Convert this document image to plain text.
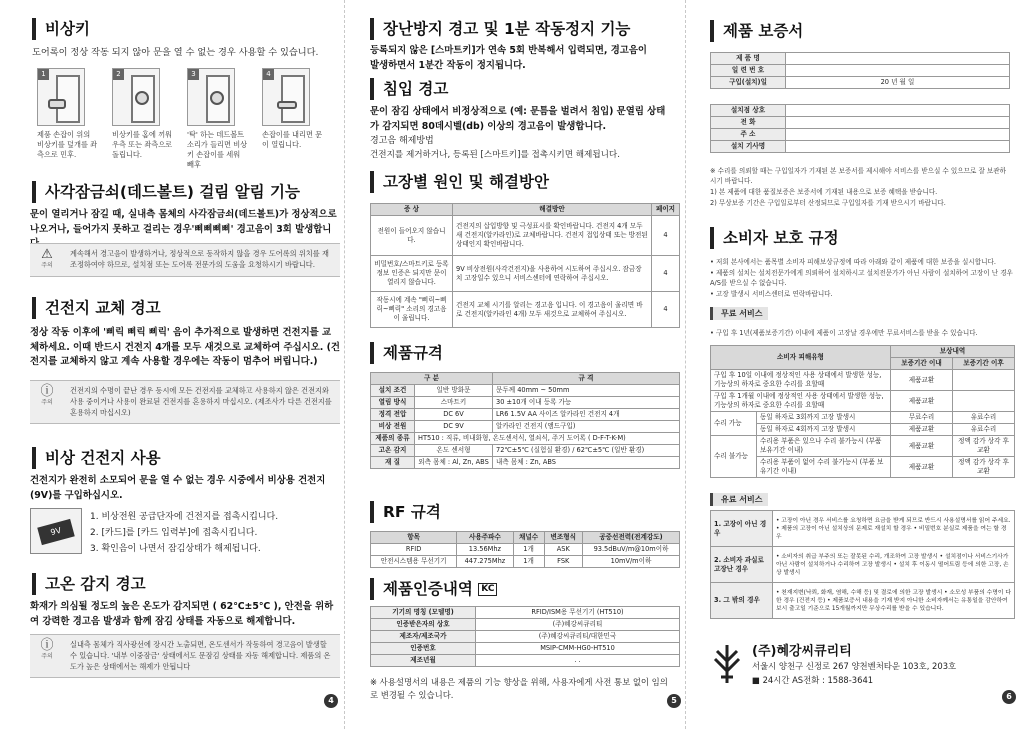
비상키
도어록이 정상 작동 되지 않아 문을 열 수 없는 경우 사용할 수 있습니다.
1	2	3	4
제품 손잡이 위의 비상키를 덮개를 좌측으로 민후.
비상키를 홈에 끼워 우측 또는 좌측으로 돌립니다.
'탁' 하는 데드볼트 소리가 들리면 비상키 손잡이를 세워 빼후
손잡이를 내리면 문이 열립니다.
사각잠금쇠(데드볼트) 걸림 알림 기능
문이 열리거나 잠길 때, 실내측 몸체의 사각잠금쇠(데드볼트)가 정상적으로 나오거나, 들어가지 못하고 걸리는 경우'삐삐삐삐' 경고음이 3회 발생합니
⚠
주의
계속해서 경고음이 발생하거나, 정상적으로 동작하지 않을 경우 도어록의 위치를 재조정하여야 하므로, 설치점 또는 도어록 전문가의 도움을 요청하시기 바랍니다.
건전지 교체 경고
정상 작동 이후에 '삐릭 삐릭 삐릭' 음이 추가적으로 발생하면 건전지를 교체하세요. 이때 반드시 건전지 4개를 모두 새것으로 교체하여 주십시오. (건전지를 교체하지 않고 계속 사용할 경우에는 작동이 멈추어 버립니다.)
ⓘ
주의
건전지의 수명이 끝난 경우 동시에 모든 건전지를 교체하고 사용하지 않은 건전지와 사용 중이거나 사용이 완료된 건전지를 혼용하지 마십시오. (제조사가 다른 건전지를 혼용하지 마십시오)
비상 건전지 사용
건전지가 완전히 소모되어 문을 열 수 없는 경우 시중에서 비상용 건전지(9V)를 구입하십시오.
9V
1. 비상전원 공급단자에 건전지를 접촉시킵니다.
2. [카드]를 [카드 입력부]에 접촉시킵니다.
3. 확인음이 나면서 잠김상태가 해제됩니다.
고온 감지 경고
화재가 의심될 정도의 높은 온도가 감지되면 ( 62℃±5℃ ), 안전을 위하여 강력한 경고음 발생과 함께 잠김 상태를 자동으로 해제합니다.
ⓘ
주의
실내측 몸체가 직사광선에 장시간 노출되면, 온도센서가 작동하여 경고음이 발생할 수 있습니다. '내부 이중잠금' 상태에서도 문잠김 상태를 자동 해제합니다. 제품의 온도가 높은 상태에서는 해제가 안됩니다
4
장난방지 경고 및 1분 작동정지 기능
등록되지 않은 [스마트키]가 연속 5회 반복해서 입력되면, 경고음이 발생하면서 1분간 작동이 정지됩니다.
침입 경고
문이 잠김 상태에서 비정상적으로 (예: 문틈을 벌려서 침입) 문열림 상태가 감지되면 80데시벨(db) 이상의 경고음이 발생합니다.
경고음 해제방법
건전지를 제거하거나, 등록된 [스마트키]를 접촉시키면 해제됩니다.
고장별 원인 및 해결방안
증 상	해결방안	페이지
전원이 들어오지 않습니다.	건전지의 삽입방향 및 극성표시를 확인바랍니다. 건전지 4개 모두 새 건전지(알카라인)로 교체바랍니다. 건전지 접입상태 또는 방전된 상태인지 확인바랍니다.	4
비밀번호/스마트키로 등록 정보 인증은 되지만 문이 열리지 않습니다.	9V 비상전원(사각건전지)을 사용하여 시도하여 주십시오. 잠금장치 고장일수 있으니 서비스센터에 연락하여 주십시오.	4
작동시에 계속 "삐릭~삐릭~삐릭" 소리의 경고음이 울립니다.	건전지 교체 시기를 알리는 경고음 입니다. 이 경고음이 울리면 바로 건전지(알카라인 4개) 모두 새것으로 교체하여 주십시오.	4
제품규격
구 분		규 격
설치 조건	일반 방화문	문두께 40mm ~ 50mm
열림 방식	스마트키	30 ±10개 이내 등록 가능
정격 전압	DC 6V	LR6 1.5V AA 사이즈 알카라인 건전지 4개
비상 전원	DC 9V	알카라인 건전지 (앰드구입)
제품의 종류	HT510 : 직류, 비내화형, 온도센서식, 열쇠식, 주거 도어록 ( D-F-T-K-M)	
고온 감지	온도 센서형	72℃±5℃ (실험실 환경) / 62℃±5℃ (일반 환경)
재 질	외측 몸체 : Al, Zn, ABS	내측 몸체 : Zn, ABS
RF 규격
항목	사용주파수	채널수	변조형식	공중선전력(전계강도)
RFID	13.56Mhz	1개	ASK	93.5dBuV/m@10m이하
안전시스템용 무선기기	447.275Mhz	1개	FSK	10mV/m이하
제품인증내역 KC
기기의 명칭 (모델명)	RFID/ISM용 무선기기 (HT510)
인증받은자의 상호	(주)혜강씨큐리티
제조자/제조국가	(주)혜강씨큐리티/대한민국
인증번호	MSIP-CMM-HG0-HT510
제조년월	. .
※ 사용설명서의 내용은 제품의 기능 향상을 위해, 사용자에게 사전 통보 없이 임의로 변경될 수 있습니다.
5
제품 보증서
제 품 명	
일 련 번 호	
구입(설치)일	20 년 월 일
설치점 상호	
전 화	
주 소	
설치 기사명	
※ 수리를 의뢰할 때는 구입일자가 기재된 본 보증서를 제시해야 서비스를 받으실 수 있으므로 잘 보관하시기 바랍니다.
1) 본 제품에 대한 품질보증은 보증서에 기재된 내용으로 보증 혜택을 받습니다.
2) 무상보증 기간은 구입일로부터 산정되므로 구입일자를 기재 받으시기 바랍니다.
소비자 보호 규정
• 저희 본사에서는 품목별 소비자 피해보상규정에 따라 아래와 같이 제품에 대한 보증을 실시합니다.
• 제품의 설치는 설치전문가에게 의뢰하여 설치하시고 설치전문가가 아닌 사람이 설치하여 고장이 난 경우 A/S를 받으실 수 없습니다.
• 고장 발생시 서비스센터로 연락바랍니다.
무료 서비스
• 구입 후 1년(제품보증기간) 이내에 제품이 고장날 경우에만 무료서비스를 받을 수 있습니다.
소비자 피해유형		보상내역	
		보증기간 이내	보증기간 이후
구입 후 10일 이내에 정상적인 사용 상태에서 발생한 성능, 기능상의 하자로 중요한 수리를 요할때		제품교환	
구입 후 1개월 이내에 정상적인 사용 상태에서 발생한 성능, 기능상의 하자로 중요한 수리를 요할때		제품교환	
수리 가능	동일 하자로 3회까지 고장 발생시	무료수리	유료수리
	동일 하자로 4회까지 고장 발생시	제품교환	유료수리
수리 불가능	수리용 부품은 있으나 수리 불가능시 (부품 보유기간 이내)	제품교환	정액 감가 상각 후 교환
	수리용 부품이 없어 수리 불가능시 (부품 보유기간 이내)	제품교환	정액 감가 상각 후 교환
유료 서비스
1. 고장이 아닌 경우	• 고장이 아닌 경우 서비스를 요청하면 요금을 받게 되므로 반드시 사용설명서를 읽어 주세요. • 제품의 고장이 아닌 설치상의 문제로 재설치 할 경우 • 비밀번호 분실로 제품을 여는 할 경우
2. 소비자 과실로 고장난 경우	• 소비자의 취급 부주의 또는 잘못된 수리, 개조하여 고장 발생시 • 설치점이나 서비스기사가 아닌 사람이 설치하거나 수리하여 고장 발생시 • 설치 후 이동시 떨어트림 등에 의한 고장, 손상 발생시
3. 그 밖의 경우	• 천재지변(낙뢰, 화재, 염해, 수해 등) 및 결로에 의한 고장 발생시 • 소모성 부품의 수명이 다한 경우 (건전지 등) • 제품보증서 내용을 기재 받지 아니한 소비자께서는 유통일을 감안하여 보시 출고일 기준으로 15개월까지만 무상수리를 받을 수 있습니다.
(주)혜강씨큐리티
서울시 양천구 신정로 267 양천벤처타운 103호, 203호
■ 24시간 AS전화 : 1588-3641
6
